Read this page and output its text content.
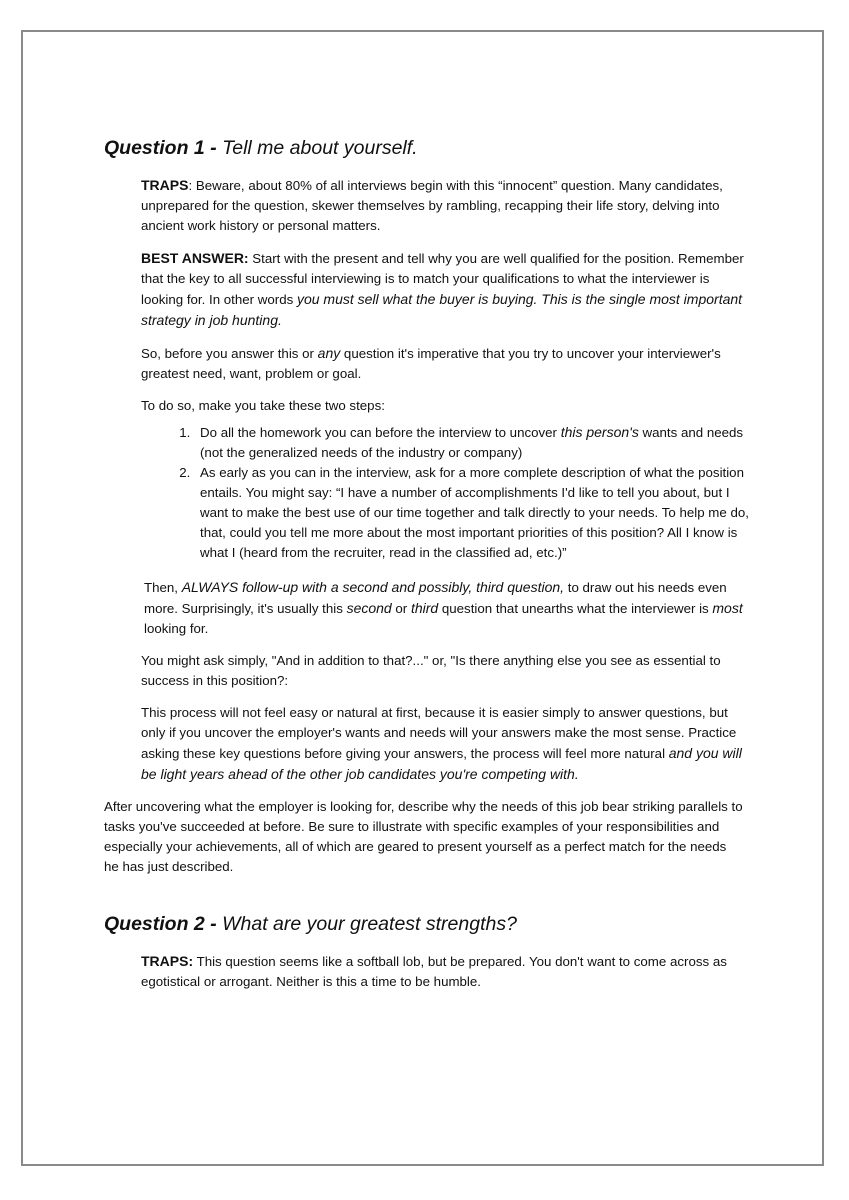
Question 1 - Tell me about yourself.

TRAPS: Beware, about 80% of all interviews begin with this “innocent” question. Many candidates, unprepared for the question, skewer themselves by rambling, recapping their life story, delving into ancient work history or personal matters.

BEST ANSWER: Start with the present and tell why you are well qualified for the position. Remember that the key to all successful interviewing is to match your qualifications to what the interviewer is looking for. In other words you must sell what the buyer is buying. This is the single most important strategy in job hunting.

So, before you answer this or any question it's imperative that you try to uncover your interviewer's greatest need, want, problem or goal.

To do so, make you take these two steps:

1. Do all the homework you can before the interview to uncover this person's wants and needs (not the generalized needs of the industry or company)
2. As early as you can in the interview, ask for a more complete description of what the position entails. You might say: “I have a number of accomplishments I'd like to tell you about, but I want to make the best use of our time together and talk directly to your needs. To help me do, that, could you tell me more about the most important priorities of this position? All I know is what I (heard from the recruiter, read in the classified ad, etc.)”

Then, ALWAYS follow-up with a second and possibly, third question, to draw out his needs even more. Surprisingly, it's usually this second or third question that unearths what the interviewer is most looking for.

You might ask simply, "And in addition to that?..." or, "Is there anything else you see as essential to success in this position?:

This process will not feel easy or natural at first, because it is easier simply to answer questions, but only if you uncover the employer's wants and needs will your answers make the most sense. Practice asking these key questions before giving your answers, the process will feel more natural and you will be light years ahead of the other job candidates you're competing with.

After uncovering what the employer is looking for, describe why the needs of this job bear striking parallels to tasks you've succeeded at before. Be sure to illustrate with specific examples of your responsibilities and especially your achievements, all of which are geared to present yourself as a perfect match for the needs he has just described.

Question 2 - What are your greatest strengths?

TRAPS: This question seems like a softball lob, but be prepared. You don't want to come across as egotistical or arrogant. Neither is this a time to be humble.
